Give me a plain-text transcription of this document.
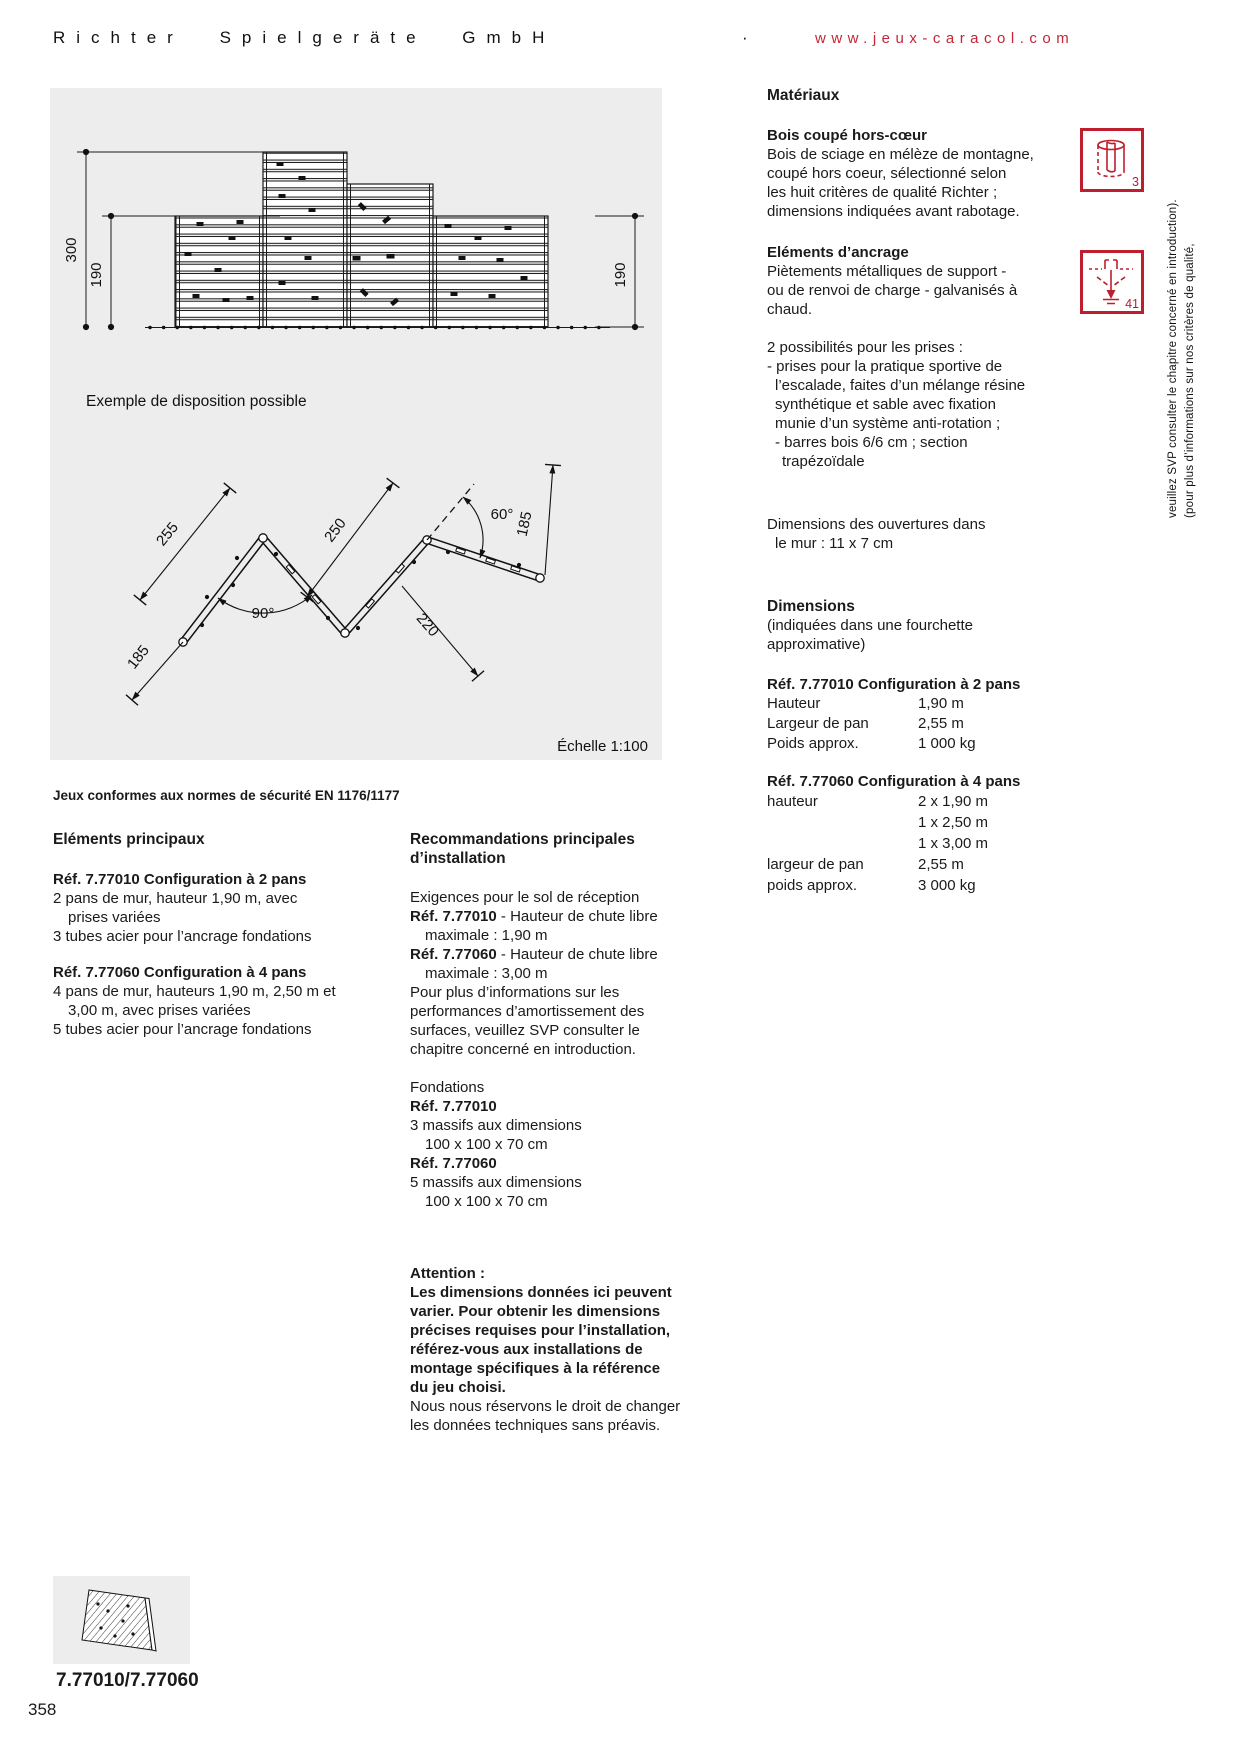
Richter Spielgeräte GmbH	·	www.jeux-caracol.com
300
190	190
Exemple de disposition possible
255	250
185
220
185
90°
60°
Échelle 1:100
Jeux conformes aux normes de sécurité EN 1176/1177
Eléments principaux
Réf. 7.77010 Configuration à 2 pans
2 pans de mur, hauteur 1,90 m, avec
prises variées
3 tubes acier pour l’ancrage fondations
Réf. 7.77060 Configuration à 4 pans
4 pans de mur, hauteurs 1,90 m, 2,50 m et
3,00 m, avec prises variées
5 tubes acier pour l’ancrage fondations
Recommandations principales
d’installation
Exigences pour le sol de réception
Réf. 7.77010 - Hauteur de chute libre
maximale : 1,90 m
Réf. 7.77060 - Hauteur de chute libre
maximale : 3,00 m
Pour plus d’informations sur les
performances d’amortissement des
surfaces, veuillez SVP consulter le
chapitre concerné en introduction.
Fondations
Réf. 7.77010
3 massifs aux dimensions
100 x 100 x 70 cm
Réf. 7.77060
5 massifs aux dimensions
100 x 100 x 70 cm
Attention :
Les dimensions données ici peuvent
varier. Pour obtenir les dimensions
précises requises pour l’installation,
référez-vous aux installations de
montage spécifiques à la référence
du jeu choisi.
Nous nous réservons le droit de changer
les données techniques sans préavis.
Matériaux
Bois coupé hors-cœur
Bois de sciage en mélèze de montagne,
coupé hors coeur, sélectionné selon
les huit critères de qualité Richter ;
dimensions indiquées avant rabotage.
Eléments d’ancrage
Piètements métalliques de support -
ou de renvoi de charge - galvanisés à
chaud.
2 possibilités pour les prises :
- prises pour la pratique sportive de
l’escalade, faites d’un mélange résine
synthétique et sable avec fixation
munie d’un système anti-rotation ;
- barres bois 6/6 cm ; section
trapézoïdale
Dimensions des ouvertures dans
le mur : 11 x 7 cm
Dimensions
(indiquées dans une fourchette
approximative)
Réf. 7.77010 Configuration à 2 pans
Hauteur	1,90 m
Largeur de pan	2,55 m
Poids approx.	1 000 kg
Réf. 7.77060 Configuration à 4 pans
hauteur	2 x 1,90 m
1 x 2,50 m
1 x 3,00 m
largeur de pan	2,55 m
poids approx.	3 000 kg
3
41	(pour plus d’informations sur nos critères de qualité,
veuillez SVP consulter le chapitre concerné en introduction).
7.77010/7.77060
358
